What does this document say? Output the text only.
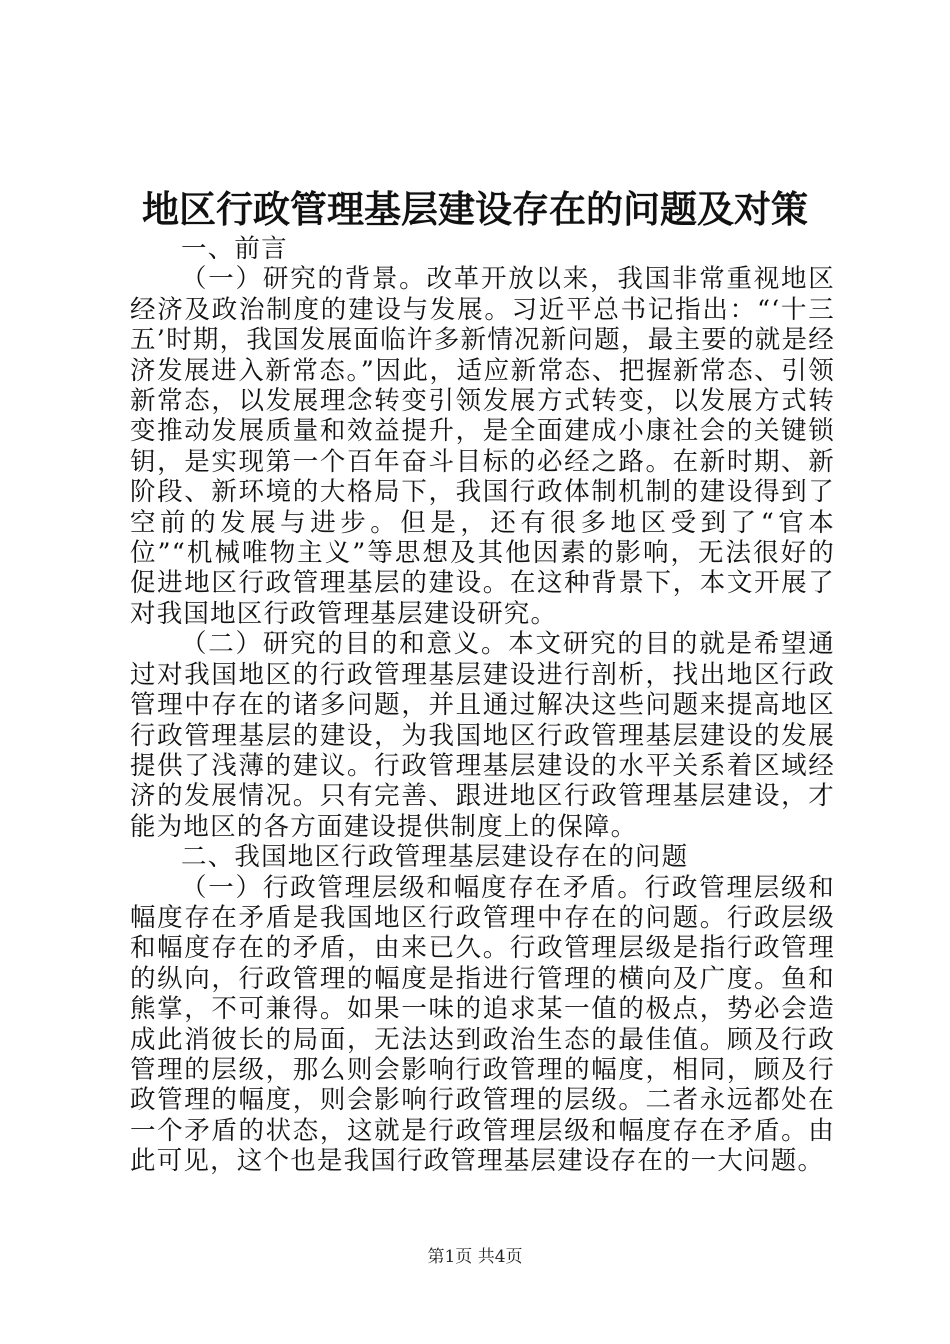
地区行政管理基层建设存在的问题及对策

一、前言

（一）研究的背景。改革开放以来，我国非常重视地区经济及政治制度的建设与发展。习近平总书记指出：“‘十三五’时期，我国发展面临许多新情况新问题，最主要的就是经济发展进入新常态。”因此，适应新常态、把握新常态、引领新常态，以发展理念转变引领发展方式转变，以发展方式转变推动发展质量和效益提升，是全面建成小康社会的关键锁钥，是实现第一个百年奋斗目标的必经之路。在新时期、新阶段、新环境的大格局下，我国行政体制机制的建设得到了空前的发展与进步。但是，还有很多地区受到了“官本位”“机械唯物主义”等思想及其他因素的影响，无法很好的促进地区行政管理基层的建设。在这种背景下，本文开展了对我国地区行政管理基层建设研究。

（二）研究的目的和意义。本文研究的目的就是希望通过对我国地区的行政管理基层建设进行剖析，找出地区行政管理中存在的诸多问题，并且通过解决这些问题来提高地区行政管理基层的建设，为我国地区行政管理基层建设的发展提供了浅薄的建议。行政管理基层建设的水平关系着区域经济的发展情况。只有完善、跟进地区行政管理基层建设，才能为地区的各方面建设提供制度上的保障。

二、我国地区行政管理基层建设存在的问题

（一）行政管理层级和幅度存在矛盾。行政管理层级和幅度存在矛盾是我国地区行政管理中存在的问题。行政层级和幅度存在的矛盾，由来已久。行政管理层级是指行政管理的纵向，行政管理的幅度是指进行管理的横向及广度。鱼和熊掌，不可兼得。如果一味的追求某一值的极点，势必会造成此消彼长的局面，无法达到政治生态的最佳值。顾及行政管理的层级，那么则会影响行政管理的幅度，相同，顾及行政管理的幅度，则会影响行政管理的层级。二者永远都处在一个矛盾的状态，这就是行政管理层级和幅度存在矛盾。由此可见，这个也是我国行政管理基层建设存在的一大问题。

第1页 共4页
